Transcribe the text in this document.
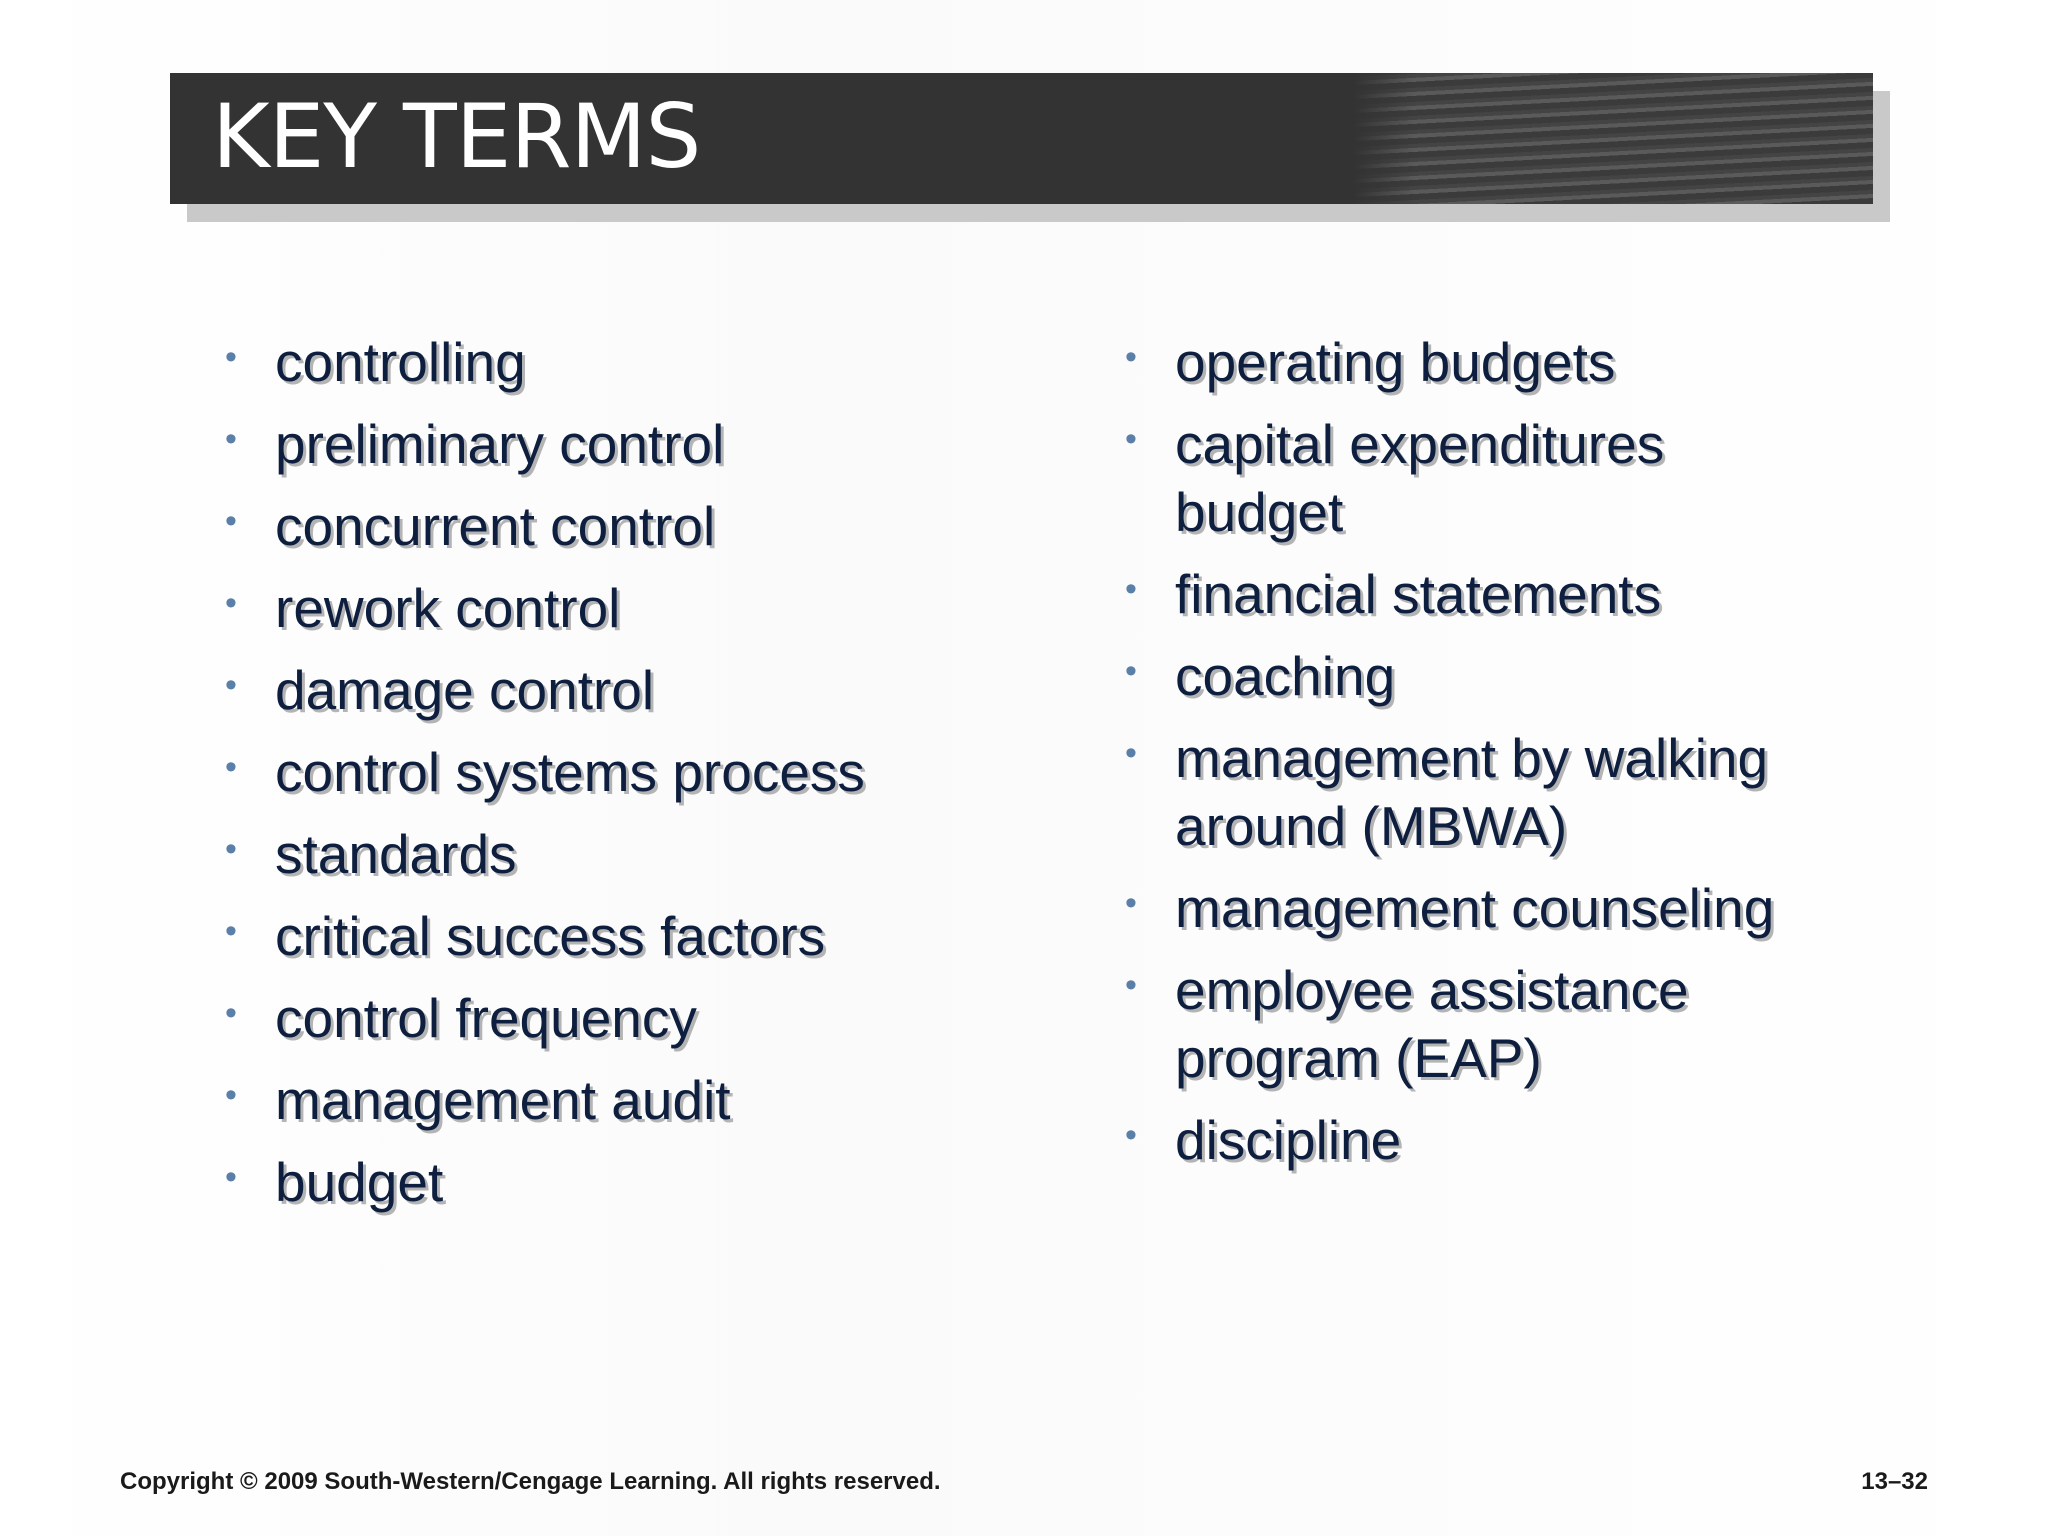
KEY TERMS
• controlling
• preliminary control
• concurrent control
• rework control
• damage control
• control systems process
• standards
• critical success factors
• control frequency
• management audit
• budget
• operating budgets
• capital expenditures budget
• financial statements
• coaching
• management by walking around (MBWA)
• management counseling
• employee assistance program (EAP)
• discipline
Copyright © 2009 South-Western/Cengage Learning. All rights reserved.	13–32
